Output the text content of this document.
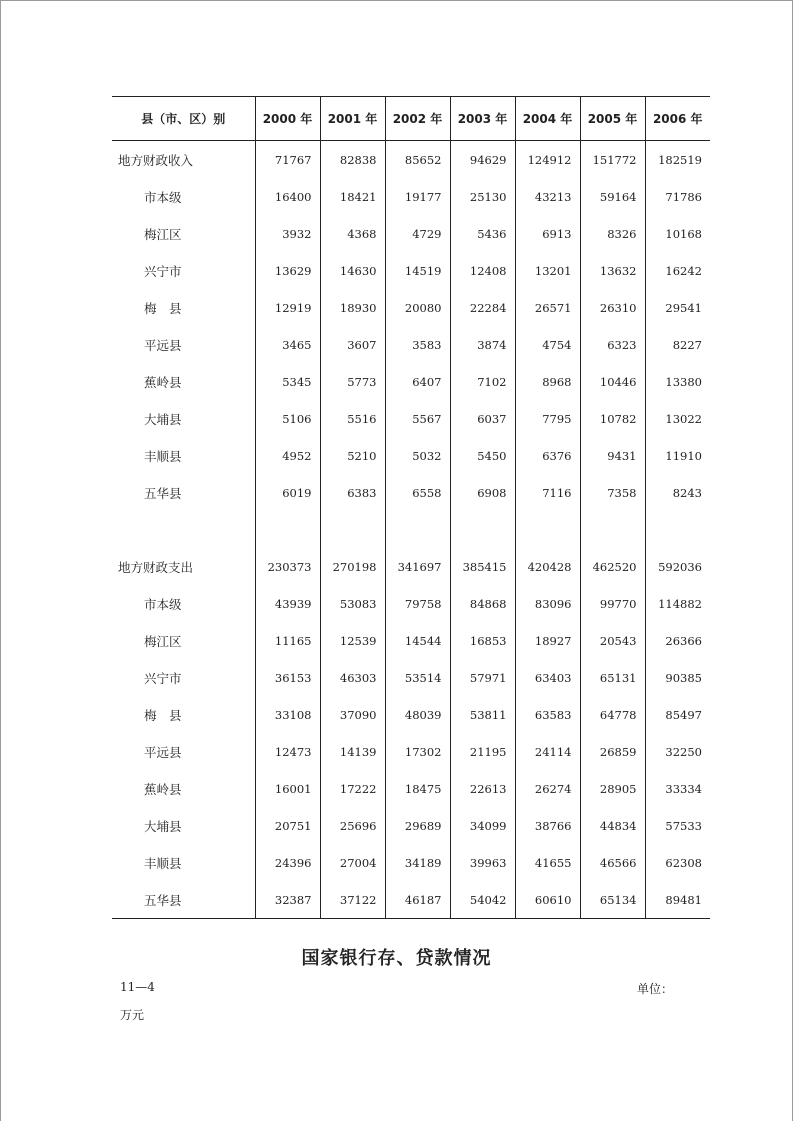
县（市、区）别	2000 年	2001 年	2002 年	2003 年	2004 年	2005 年	2006 年
地方财政收入	71767	82838	85652	94629	124912	151772	182519
市本级	16400	18421	19177	25130	43213	59164	71786
梅江区	3932	4368	4729	5436	6913	8326	10168
兴宁市	13629	14630	14519	12408	13201	13632	16242
梅　县	12919	18930	20080	22284	26571	26310	29541
平远县	3465	3607	3583	3874	4754	6323	8227
蕉岭县	5345	5773	6407	7102	8968	10446	13380
大埔县	5106	5516	5567	6037	7795	10782	13022
丰顺县	4952	5210	5032	5450	6376	9431	11910
五华县	6019	6383	6558	6908	7116	7358	8243

地方财政支出	230373	270198	341697	385415	420428	462520	592036
市本级	43939	53083	79758	84868	83096	99770	114882
梅江区	11165	12539	14544	16853	18927	20543	26366
兴宁市	36153	46303	53514	57971	63403	65131	90385
梅　县	33108	37090	48039	53811	63583	64778	85497
平远县	12473	14139	17302	21195	24114	26859	32250
蕉岭县	16001	17222	18475	22613	26274	28905	33334
大埔县	20751	25696	29689	34099	38766	44834	57533
丰顺县	24396	27004	34189	39963	41655	46566	62308
五华县	32387	37122	46187	54042	60610	65134	89481
国家银行存、贷款情况
11—4	单位：
万元
